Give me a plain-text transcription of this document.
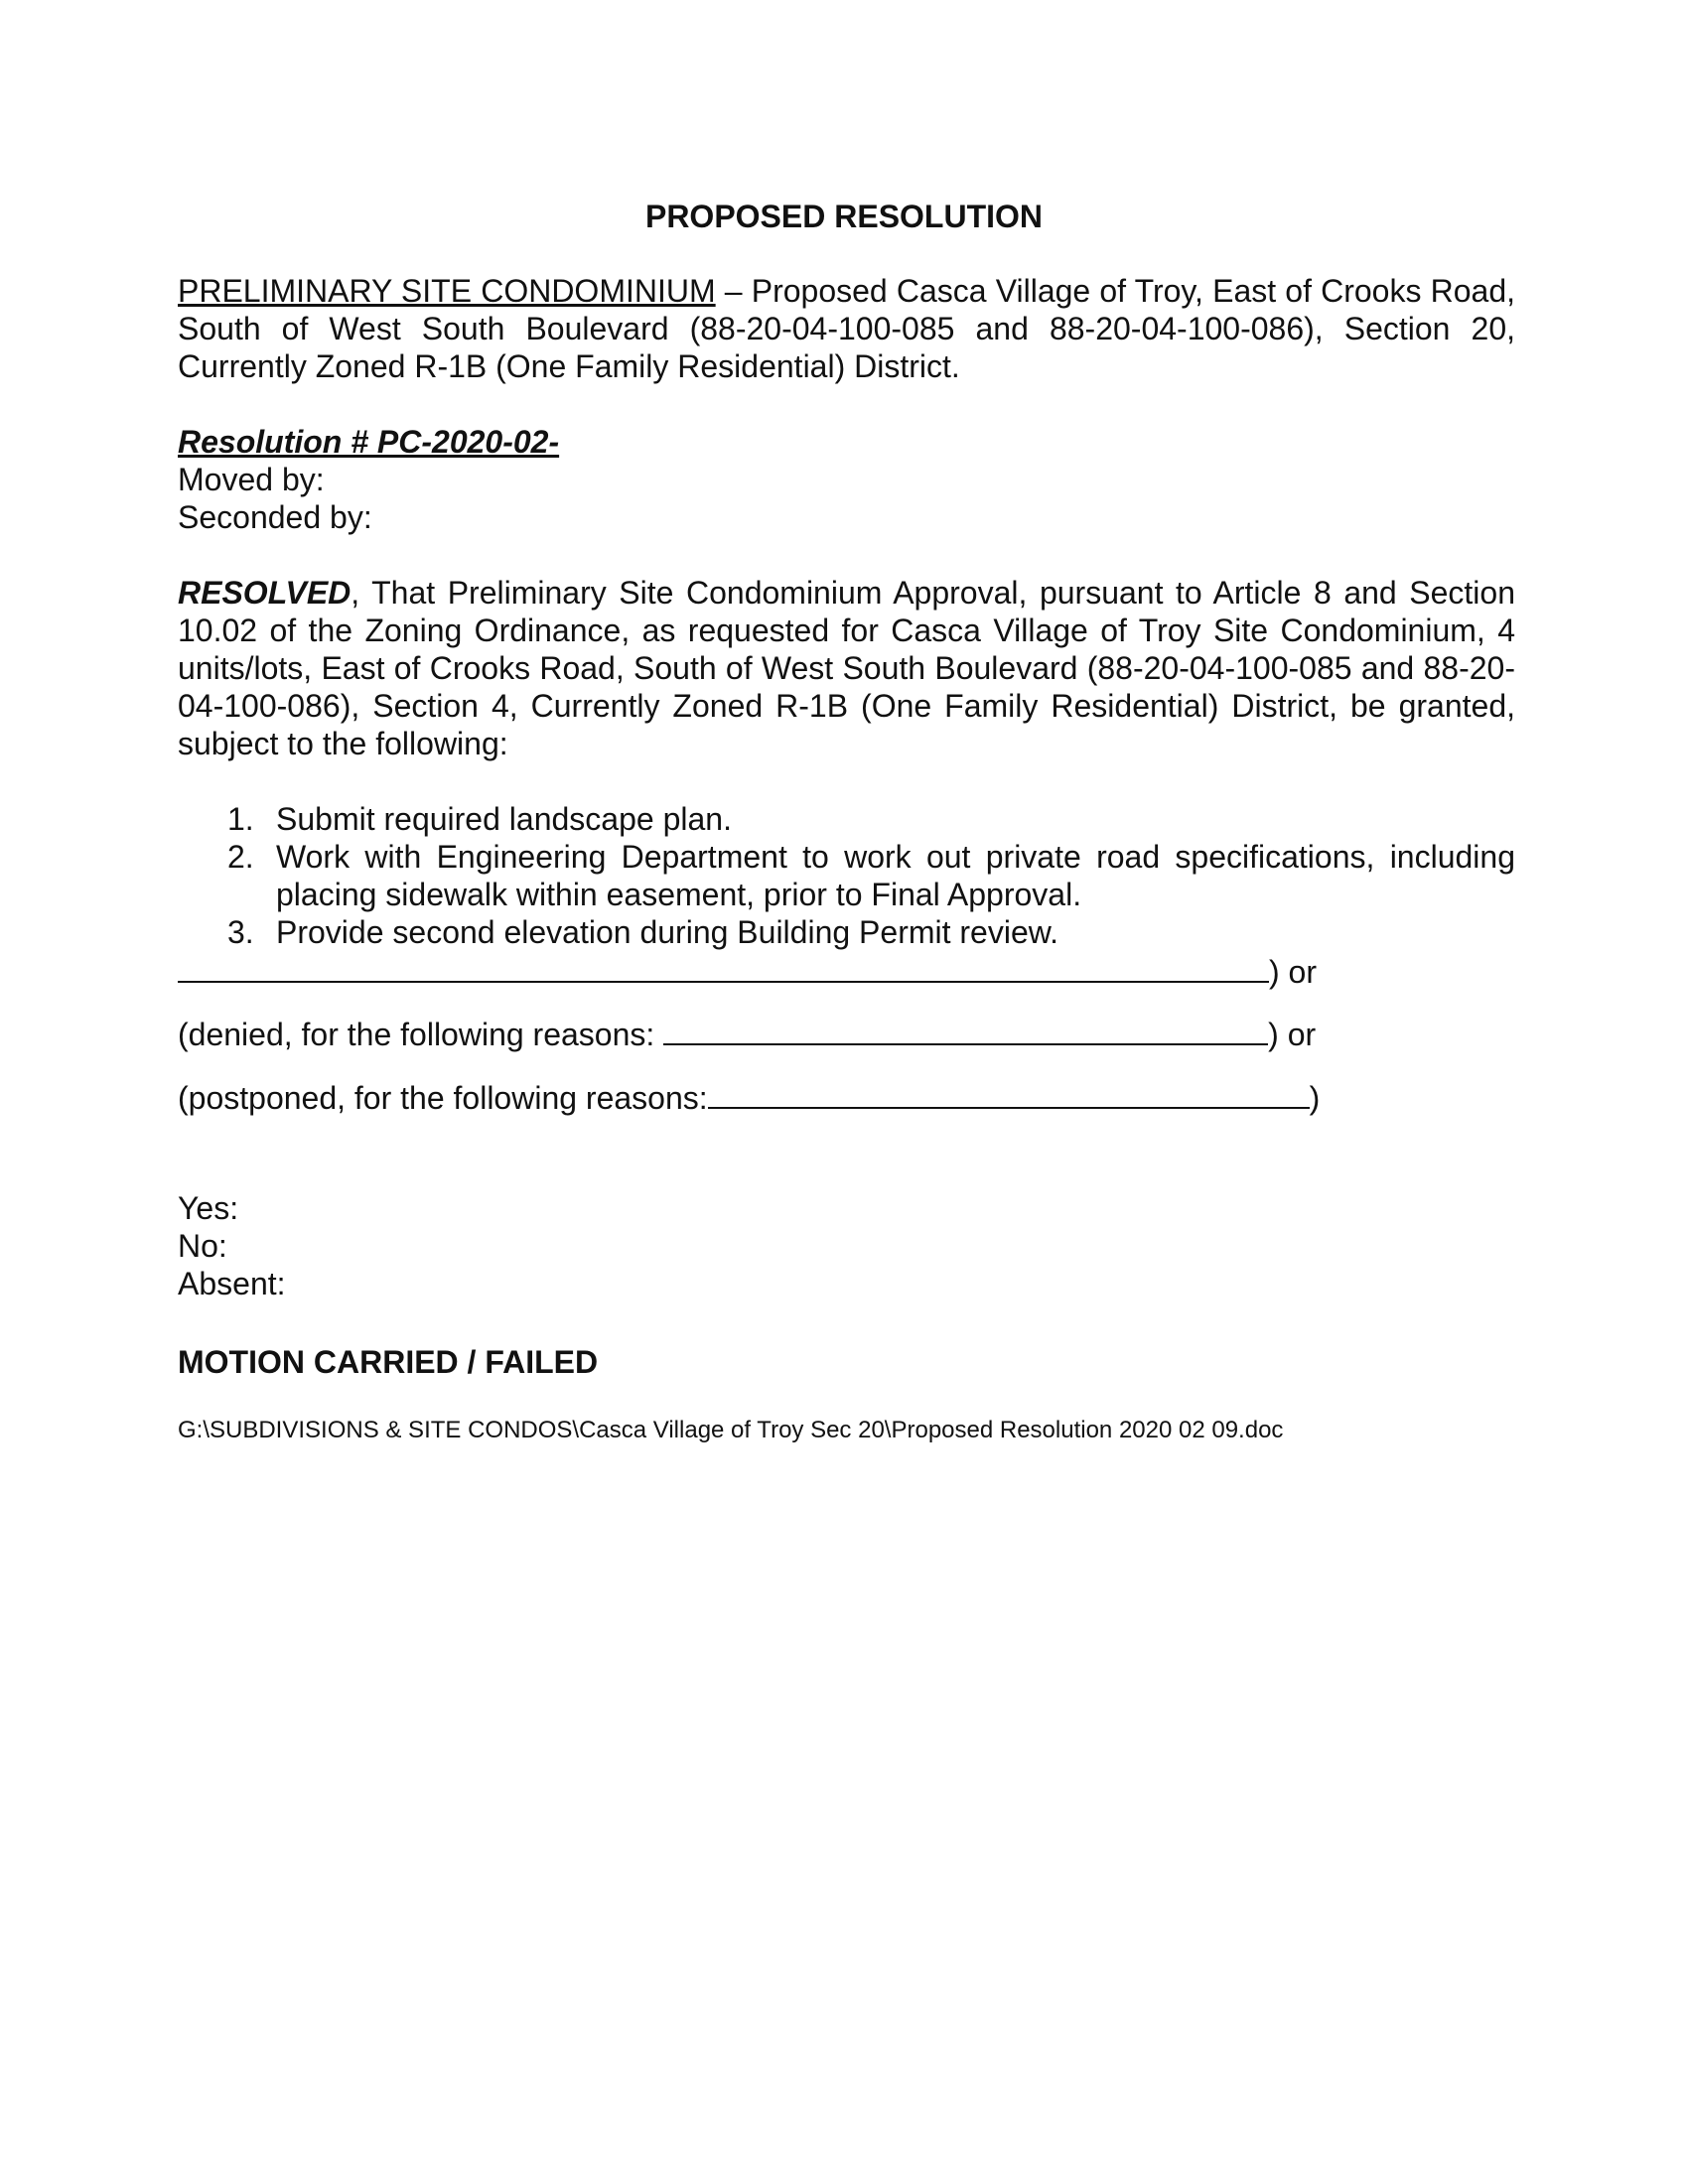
PROPOSED RESOLUTION
PRELIMINARY SITE CONDOMINIUM – Proposed Casca Village of Troy, East of Crooks Road, South of West South Boulevard (88-20-04-100-085 and 88-20-04-100-086), Section 20, Currently Zoned R-1B (One Family Residential) District.
Resolution # PC-2020-02-
Moved by:
Seconded by:
RESOLVED, That Preliminary Site Condominium Approval, pursuant to Article 8 and Section 10.02 of the Zoning Ordinance, as requested for Casca Village of Troy Site Condominium, 4 units/lots, East of Crooks Road, South of West South Boulevard (88-20-04-100-085 and 88-20-04-100-086), Section 4, Currently Zoned R-1B (One Family Residential) District, be granted, subject to the following:
1. Submit required landscape plan.
2. Work with Engineering Department to work out private road specifications, including placing sidewalk within easement, prior to Final Approval.
3. Provide second elevation during Building Permit review.
) or
(denied, for the following reasons:	) or
(postponed, for the following reasons:	)
Yes:
No:
Absent:
MOTION CARRIED / FAILED
G:\SUBDIVISIONS & SITE CONDOS\Casca Village of Troy Sec 20\Proposed Resolution 2020 02 09.doc
